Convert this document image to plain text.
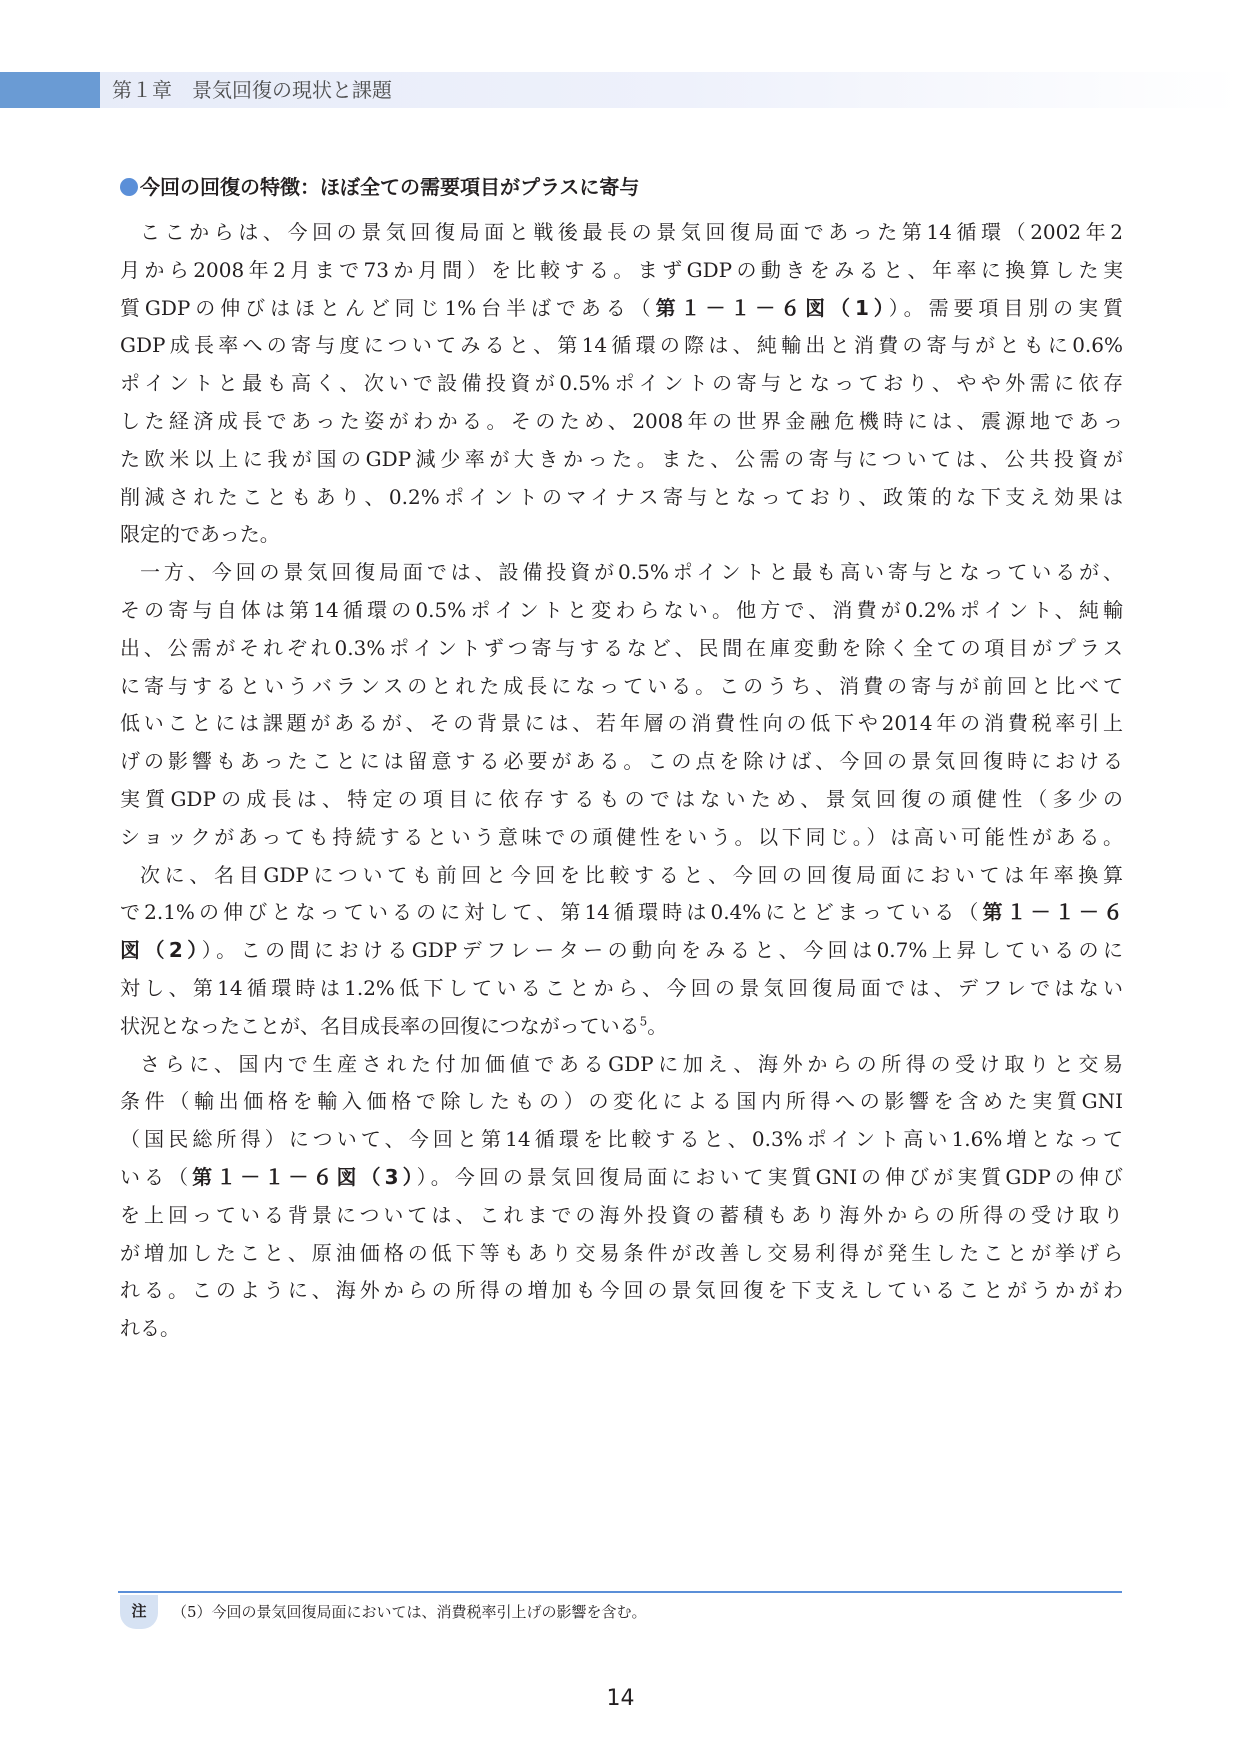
第１章　景気回復の現状と課題
今回の回復の特徴：ほぼ全ての需要項目がプラスに寄与
ここからは、今回の景気回復局面と戦後最長の景気回復局面であった第14循環（2002年2
月から2008年2月まで73か月間）を比較する。まずGDPの動きをみると、年率に換算した実
質GDPの伸びはほとんど同じ1%台半ばである（第１－１－６図（1））。需要項目別の実質
GDP成長率への寄与度についてみると、第14循環の際は、純輸出と消費の寄与がともに0.6%
ポイントと最も高く、次いで設備投資が0.5%ポイントの寄与となっており、やや外需に依存
した経済成長であった姿がわかる。そのため、2008年の世界金融危機時には、震源地であっ
た欧米以上に我が国のGDP減少率が大きかった。また、公需の寄与については、公共投資が
削減されたこともあり、0.2%ポイントのマイナス寄与となっており、政策的な下支え効果は
限定的であった。
一方、今回の景気回復局面では、設備投資が0.5%ポイントと最も高い寄与となっているが、
その寄与自体は第14循環の0.5%ポイントと変わらない。他方で、消費が0.2%ポイント、純輸
出、公需がそれぞれ0.3%ポイントずつ寄与するなど、民間在庫変動を除く全ての項目がプラス
に寄与するというバランスのとれた成長になっている。このうち、消費の寄与が前回と比べて
低いことには課題があるが、その背景には、若年層の消費性向の低下や2014年の消費税率引上
げの影響もあったことには留意する必要がある。この点を除けば、今回の景気回復時における
実質GDPの成長は、特定の項目に依存するものではないため、景気回復の頑健性（多少の
ショックがあっても持続するという意味での頑健性をいう。以下同じ。）は高い可能性がある。
次に、名目GDPについても前回と今回を比較すると、今回の回復局面においては年率換算
で2.1%の伸びとなっているのに対して、第14循環時は0.4%にとどまっている（第１－１－６
図（2））。この間におけるGDPデフレーターの動向をみると、今回は0.7%上昇しているのに
対し、第14循環時は1.2%低下していることから、今回の景気回復局面では、デフレではない
状況となったことが、名目成長率の回復につながっている$^5$。
さらに、国内で生産された付加価値であるGDPに加え、海外からの所得の受け取りと交易
条件（輸出価格を輸入価格で除したもの）の変化による国内所得への影響を含めた実質GNI
（国民総所得）について、今回と第14循環を比較すると、0.3%ポイント高い1.6%増となって
いる（第１－１－６図（3））。今回の景気回復局面において実質GNIの伸びが実質GDPの伸び
を上回っている背景については、これまでの海外投資の蓄積もあり海外からの所得の受け取り
が増加したこと、原油価格の低下等もあり交易条件が改善し交易利得が発生したことが挙げら
れる。このように、海外からの所得の増加も今回の景気回復を下支えしていることがうかがわ
れる。
注	（5）今回の景気回復局面においては、消費税率引上げの影響を含む。
14
